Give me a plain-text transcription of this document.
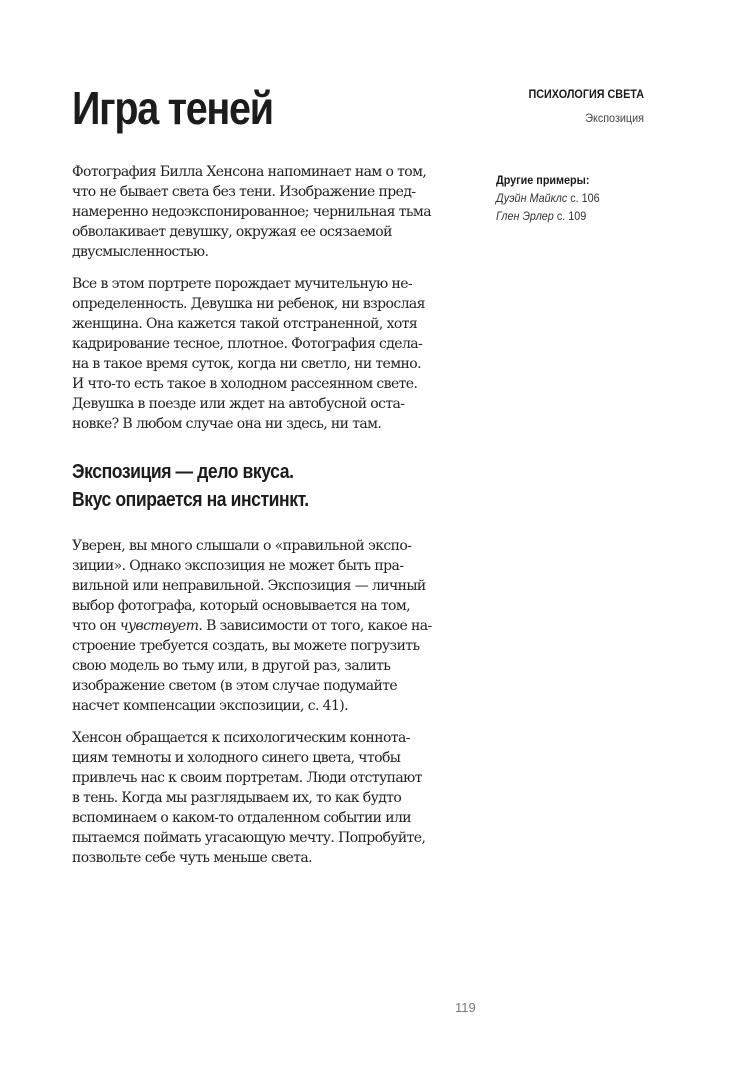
Игра теней	ПСИХОЛОГИЯ СВЕТА
Экспозиция
Другие примеры:
Дуэйн Майклс с. 106
Глен Эрлер с. 109

Фотография Билла Хенсона напоминает нам о том,
что не бывает света без тени. Изображение пред-
намеренно недоэкспонированное; чернильная тьма
обволакивает девушку, окружая ее осязаемой
двусмысленностью.

Все в этом портрете порождает мучительную не-
определенность. Девушка ни ребенок, ни взрослая
женщина. Она кажется такой отстраненной, хотя
кадрирование тесное, плотное. Фотография сдела-
на в такое время суток, когда ни светло, ни темно.
И что-то есть такое в холодном рассеянном свете.
Девушка в поезде или ждет на автобусной оста-
новке? В любом случае она ни здесь, ни там.

Экспозиция — дело вкуса.
Вкус опирается на инстинкт.

Уверен, вы много слышали о «правильной экспо-
зиции». Однако экспозиция не может быть пра-
вильной или неправильной. Экспозиция — личный
выбор фотографа, который основывается на том,
что он чувствует. В зависимости от того, какое на-
строение требуется создать, вы можете погрузить
свою модель во тьму или, в другой раз, залить
изображение светом (в этом случае подумайте
насчет компенсации экспозиции, с. 41).

Хенсон обращается к психологическим коннота-
циям темноты и холодного синего цвета, чтобы
привлечь нас к своим портретам. Люди отступают
в тень. Когда мы разглядываем их, то как будто
вспоминаем о каком-то отдаленном событии или
пытаемся поймать угасающую мечту. Попробуйте,
позвольте себе чуть меньше света.

119
